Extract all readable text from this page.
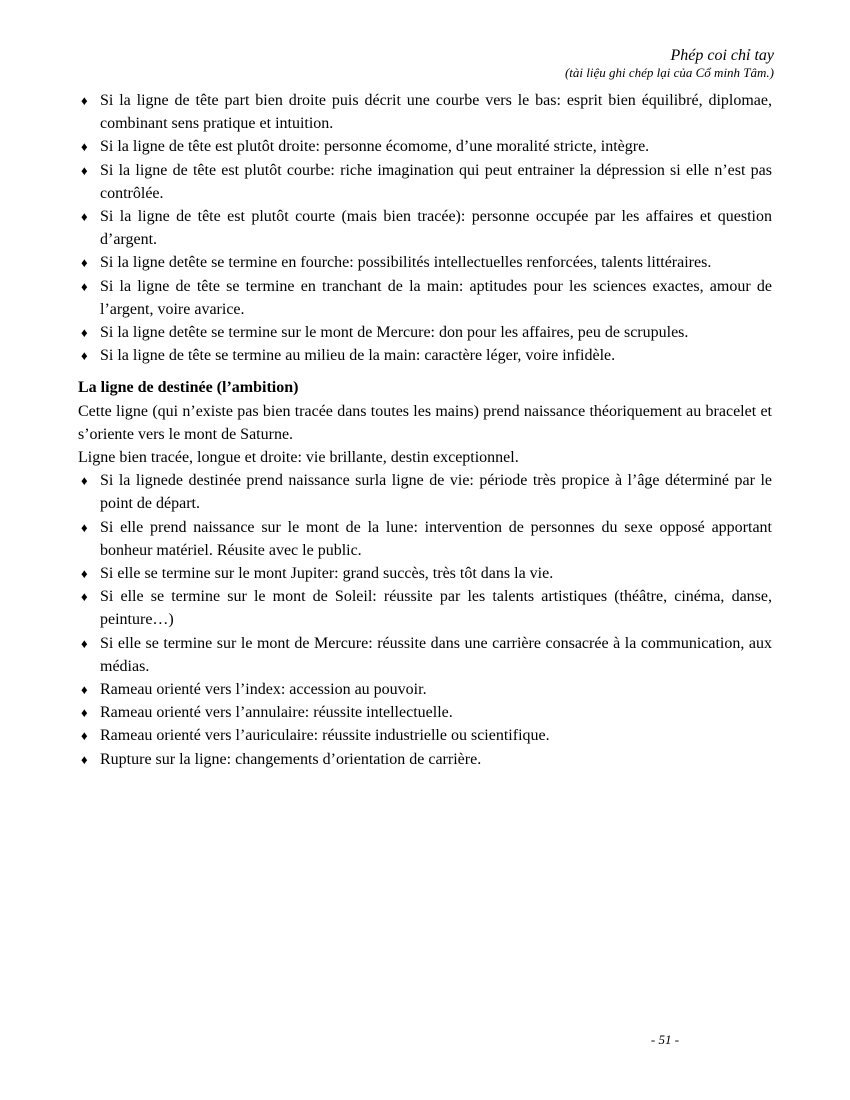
Phép coi chỉ tay
(tài liệu ghi chép lại của Cổ minh Tâm.)
♦ Si la ligne de tête part bien droite puis décrit une courbe vers le bas: esprit bien équilibré, diplomae, combinant sens pratique et intuition.
♦ Si la ligne de tête est plutôt droite: personne écomome, d’une moralité stricte, intègre.
♦ Si la ligne de tête est plutôt courbe: riche imagination qui peut entrainer la dépression si elle n’est pas contrôlée.
♦ Si la ligne de tête est plutôt courte (mais bien tracée): personne occupée par les affaires et question d’argent.
♦ Si la ligne detête se termine en fourche: possibilités intellectuelles renforcées, talents littéraires.
♦ Si la ligne de tête se termine en tranchant de la main: aptitudes pour les sciences exactes, amour de l’argent, voire avarice.
♦ Si la ligne detête se termine sur le mont de Mercure: don pour les affaires, peu de scrupules.
♦ Si la ligne de tête se termine au milieu de la main: caractère léger, voire infidèle.
La ligne de destinée (l’ambition)
Cette ligne (qui n’existe pas bien tracée dans toutes les mains) prend naissance théoriquement au bracelet et s’oriente vers le mont de Saturne.
Ligne bien tracée, longue et droite: vie brillante, destin exceptionnel.
♦ Si la lignede destinée prend naissance surla ligne de vie: période très propice à l’âge déterminé par le point de départ.
♦ Si elle prend naissance sur le mont de la lune: intervention de personnes du sexe opposé apportant bonheur matériel. Réusite avec le public.
♦ Si elle se termine sur le mont Jupiter: grand succès, très tôt dans la vie.
♦ Si elle se termine sur le mont de Soleil: réussite par les talents artistiques (théâtre, cinéma, danse, peinture…)
♦ Si elle se termine sur le mont de Mercure: réussite dans une carrière consacrée à la communication, aux médias.
♦ Rameau orienté vers l’index: accession au pouvoir.
♦ Rameau orienté vers l’annulaire: réussite intellectuelle.
♦ Rameau orienté vers l’auriculaire: réussite industrielle ou scientifique.
♦ Rupture sur la ligne: changements d’orientation de carrière.
- 51 -
